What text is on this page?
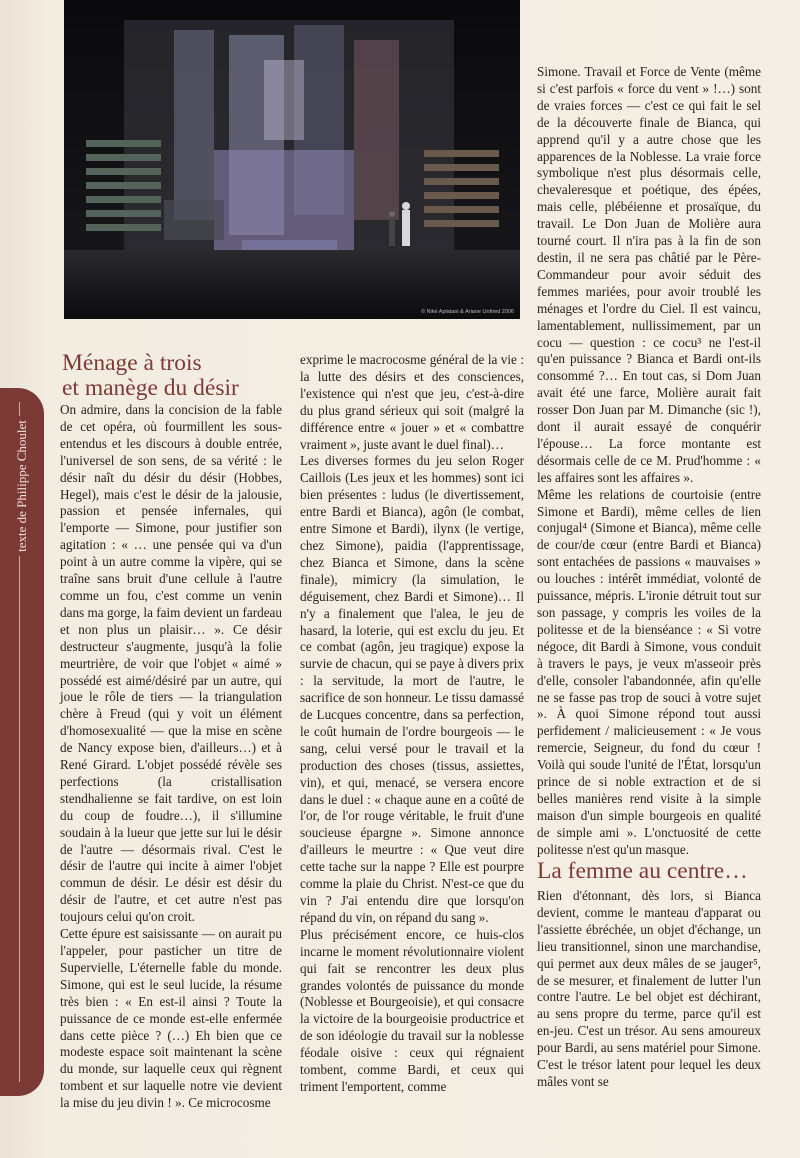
© Niké Aplatani & Ariane Unfried 2006
texte de Philippe Choulet
Ménage à trois
et manège du désir

On admire, dans la concision de la fable de cet opéra, où fourmillent les sous-entendus et les discours à double entrée, l'universel de son sens, de sa vérité : le désir naît du désir du désir (Hobbes, Hegel), mais c'est le désir de la jalousie, passion et pensée infernales, qui l'emporte — Simone, pour justifier son agitation : « … une pensée qui va d'un point à un autre comme la vipère, qui se traîne sans bruit d'une cellule à l'autre comme un fou, c'est comme un venin dans ma gorge, la faim devient un fardeau et non plus un plaisir… ». Ce désir destructeur s'augmente, jusqu'à la folie meurtrière, de voir que l'objet « aimé » possédé est aimé/désiré par un autre, qui joue le rôle de tiers — la triangulation chère à Freud (qui y voit un élément d'homosexualité — que la mise en scène de Nancy expose bien, d'ailleurs…) et à René Girard. L'objet possédé révèle ses perfections (la cristallisation stendhalienne se fait tardive, on est loin du coup de foudre…), il s'illumine soudain à la lueur que jette sur lui le désir de l'autre — désormais rival. C'est le désir de l'autre qui incite à aimer l'objet commun de désir. Le désir est désir du désir de l'autre, et cet autre n'est pas toujours celui qu'on croit.

Cette épure est saisissante — on aurait pu l'appeler, pour pasticher un titre de Supervielle, L'éternelle fable du monde. Simone, qui est le seul lucide, la résume très bien : « En est-il ainsi ? Toute la puissance de ce monde est-elle enfermée dans cette pièce ? (…) Eh bien que ce modeste espace soit maintenant la scène du monde, sur laquelle ceux qui règnent tombent et sur laquelle notre vie devient la mise du jeu divin ! ». Ce microcosme

exprime le macrocosme général de la vie : la lutte des désirs et des consciences, l'existence qui n'est que jeu, c'est-à-dire du plus grand sérieux qui soit (malgré la différence entre « jouer » et « combattre vraiment », juste avant le duel final)…

Les diverses formes du jeu selon Roger Caillois (Les jeux et les hommes) sont ici bien présentes : ludus (le divertissement, entre Bardi et Bianca), agôn (le combat, entre Simone et Bardi), ilynx (le vertige, chez Simone), paidia (l'apprentissage, chez Bianca et Simone, dans la scène finale), mimicry (la simulation, le déguisement, chez Bardi et Simone)… Il n'y a finalement que l'alea, le jeu de hasard, la loterie, qui est exclu du jeu. Et ce combat (agôn, jeu tragique) expose la survie de chacun, qui se paye à divers prix : la servitude, la mort de l'autre, le sacrifice de son honneur. Le tissu damassé de Lucques concentre, dans sa perfection, le coût humain de l'ordre bourgeois — le sang, celui versé pour le travail et la production des choses (tissus, assiettes, vin), et qui, menacé, se versera encore dans le duel : « chaque aune en a coûté de l'or, de l'or rouge véritable, le fruit d'une soucieuse épargne ». Simone annonce d'ailleurs le meurtre : « Que veut dire cette tache sur la nappe ? Elle est pourpre comme la plaie du Christ. N'est-ce que du vin ? J'ai entendu dire que lorsqu'on répand du vin, on répand du sang ».

Plus précisément encore, ce huis-clos incarne le moment révolutionnaire violent qui fait se rencontrer les deux plus grandes volontés de puissance du monde (Noblesse et Bourgeoisie), et qui consacre la victoire de la bourgeoisie productrice et de son idéologie du travail sur la noblesse féodale oisive : ceux qui régnaient tombent, comme Bardi, et ceux qui triment l'emportent, comme

Simone. Travail et Force de Vente (même si c'est parfois « force du vent » !…) sont de vraies forces — c'est ce qui fait le sel de la découverte finale de Bianca, qui apprend qu'il y a autre chose que les apparences de la Noblesse. La vraie force symbolique n'est plus désormais celle, chevaleresque et poétique, des épées, mais celle, plébéienne et prosaïque, du travail. Le Don Juan de Molière aura tourné court. Il n'ira pas à la fin de son destin, il ne sera pas châtié par le Père-Commandeur pour avoir séduit des femmes mariées, pour avoir troublé les ménages et l'ordre du Ciel. Il est vaincu, lamentablement, nullissimement, par un cocu — question : ce cocu³ ne l'est-il qu'en puissance ? Bianca et Bardi ont-ils consommé ?… En tout cas, si Dom Juan avait été une farce, Molière aurait fait rosser Don Juan par M. Dimanche (sic !), dont il aurait essayé de conquérir l'épouse… La force montante est désormais celle de ce M. Prud'homme : « les affaires sont les affaires ».

Même les relations de courtoisie (entre Simone et Bardi), même celles de lien conjugal⁴ (Simone et Bianca), même celle de cour/de cœur (entre Bardi et Bianca) sont entachées de passions « mauvaises » ou louches : intérêt immédiat, volonté de puissance, mépris. L'ironie détruit tout sur son passage, y compris les voiles de la politesse et de la bienséance : « Si votre négoce, dit Bardi à Simone, vous conduit à travers le pays, je veux m'asseoir près d'elle, consoler l'abandonnée, afin qu'elle ne se fasse pas trop de souci à votre sujet ». À quoi Simone répond tout aussi perfidement / malicieusement : « Je vous remercie, Seigneur, du fond du cœur ! Voilà qui soude l'unité de l'État, lorsqu'un prince de si noble extraction et de si belles manières rend visite à la simple maison d'un simple bourgeois en qualité de simple ami ». L'onctuosité de cette politesse n'est qu'un masque.

La femme au centre…

Rien d'étonnant, dès lors, si Bianca devient, comme le manteau d'apparat ou l'assiette ébréchée, un objet d'échange, un lieu transitionnel, sinon une marchandise, qui permet aux deux mâles de se jauger⁵, de se mesurer, et finalement de lutter l'un contre l'autre. Le bel objet est déchirant, au sens propre du terme, parce qu'il est en-jeu. C'est un trésor. Au sens amoureux pour Bardi, au sens matériel pour Simone. C'est le trésor latent pour lequel les deux mâles vont se
